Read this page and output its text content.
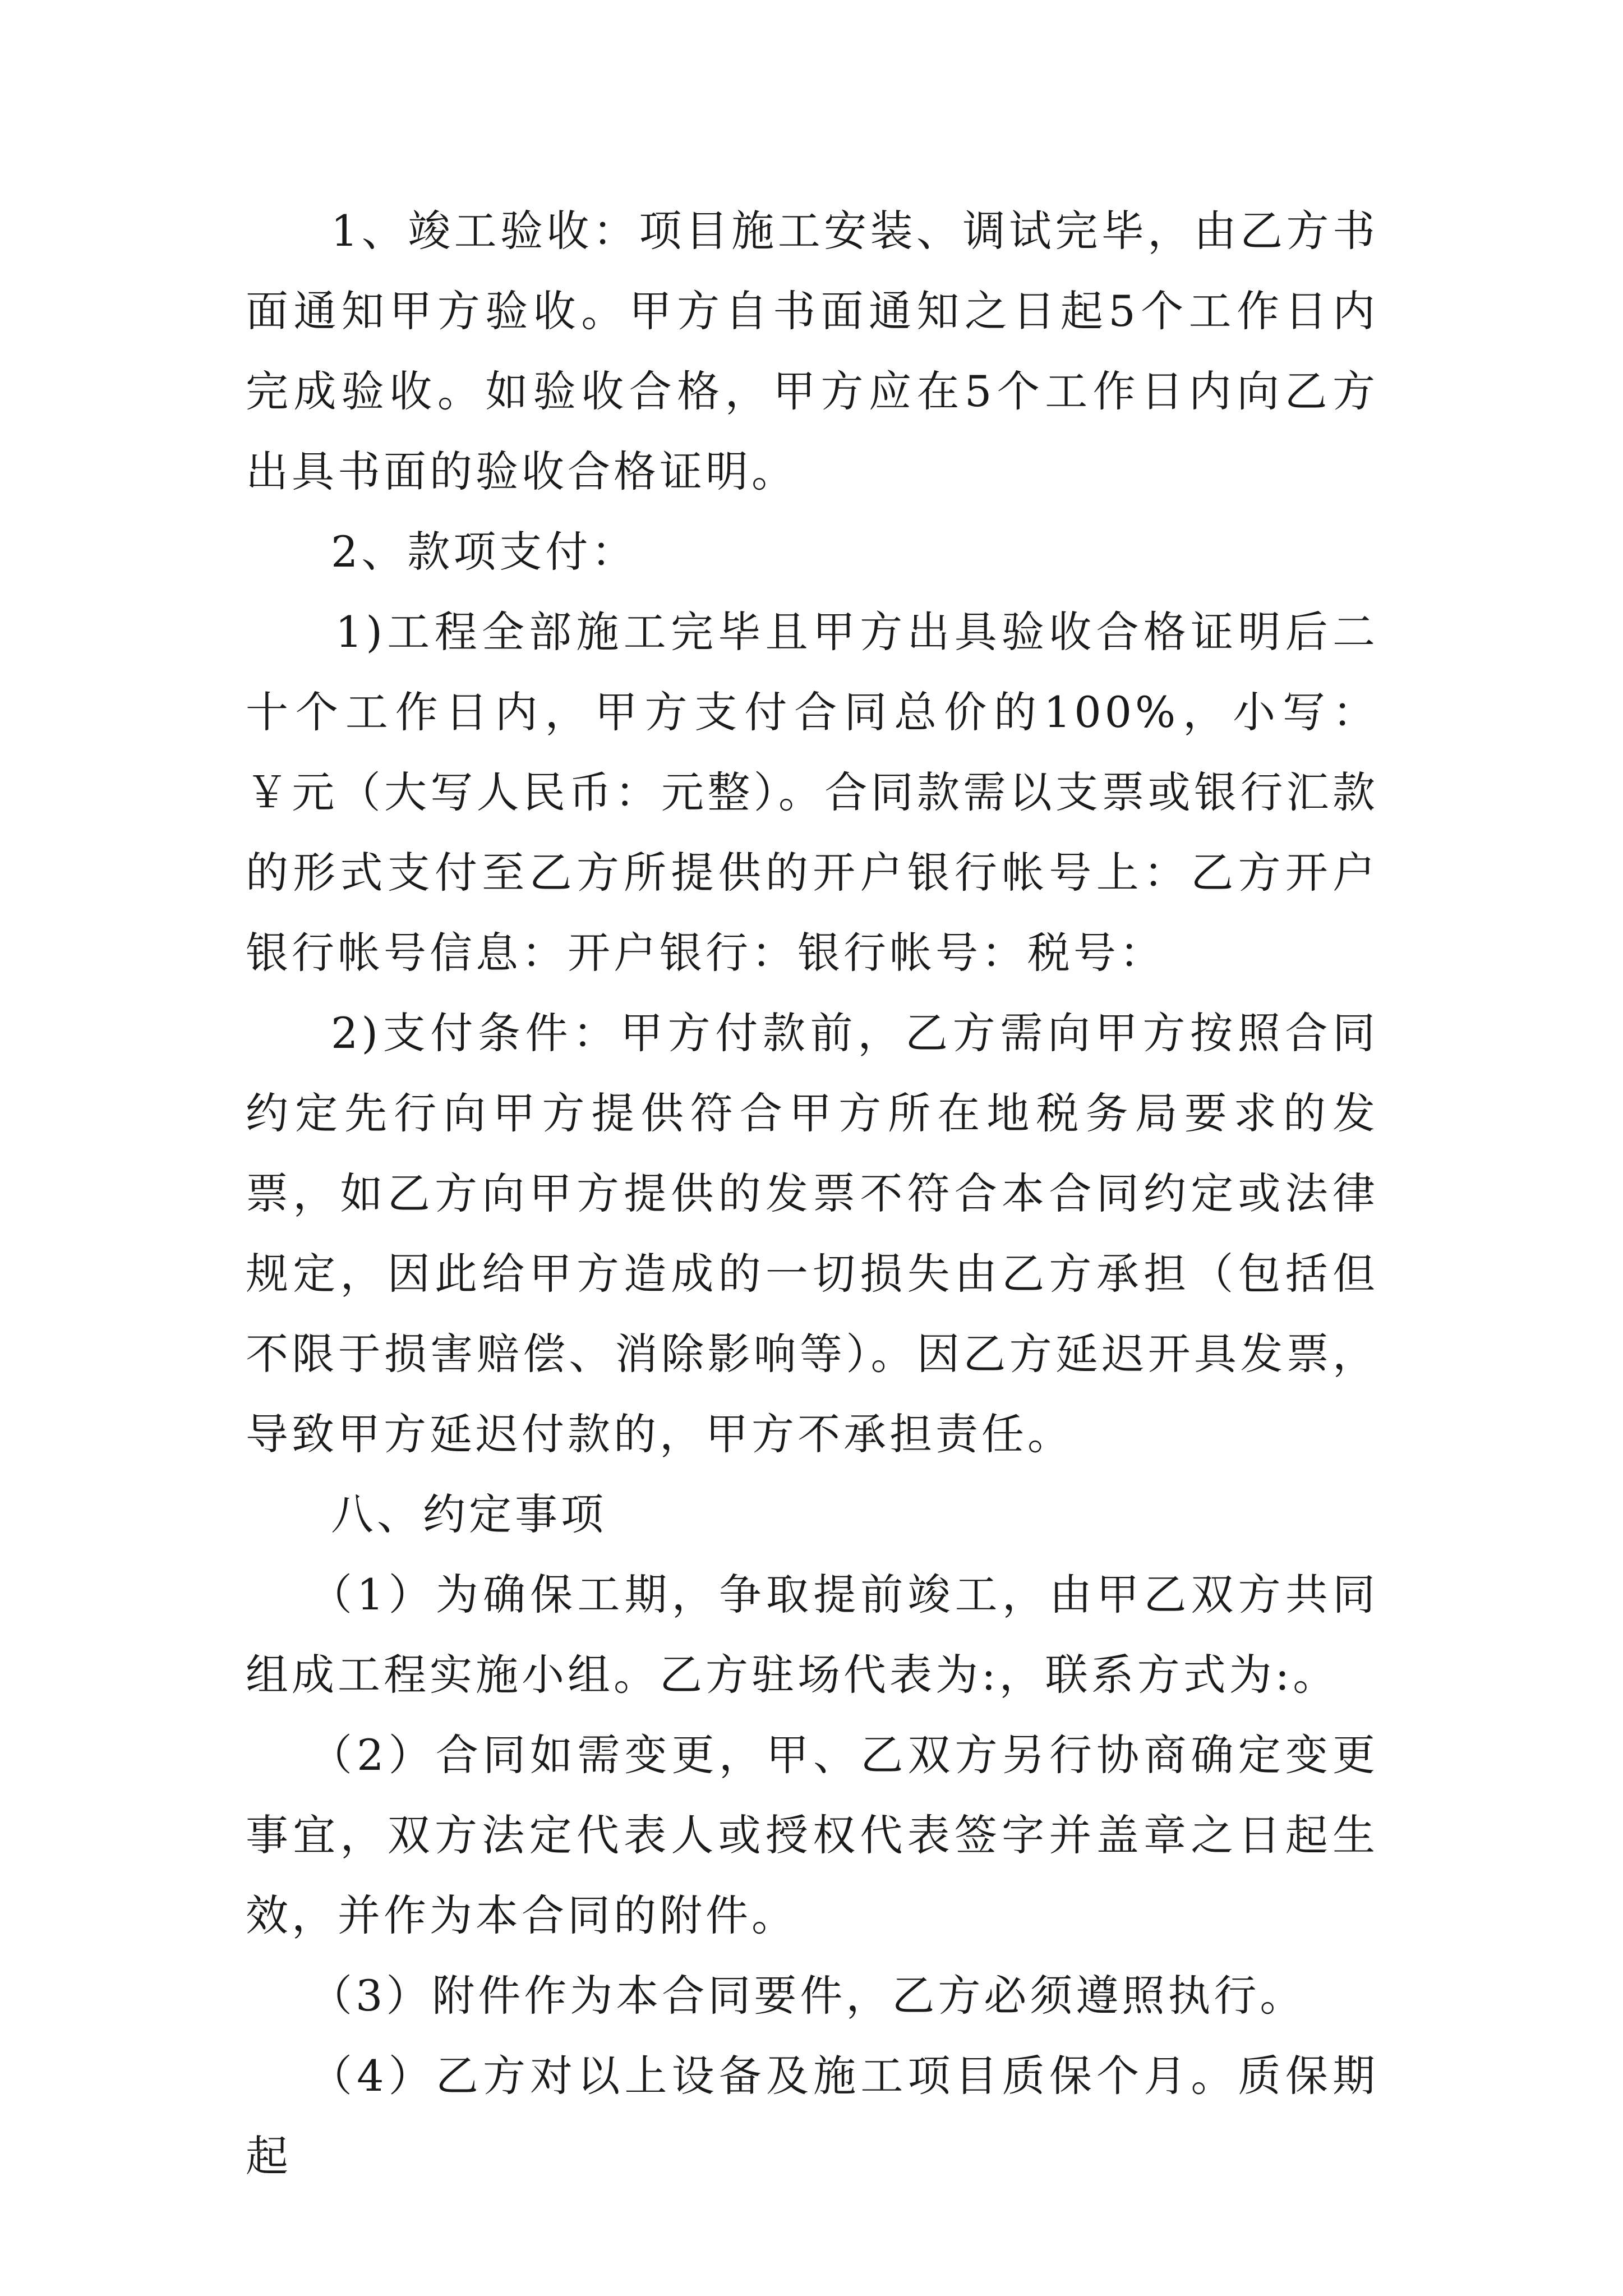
1、竣工验收：项目施工安装、调试完毕，由乙方书面通知甲方验收。甲方自书面通知之日起5个工作日内完成验收。如验收合格，甲方应在5个工作日内向乙方出具书面的验收合格证明。

2、款项支付：

1)工程全部施工完毕且甲方出具验收合格证明后二十个工作日内，甲方支付合同总价的100%，小写：￥元（大写人民币：元整）。合同款需以支票或银行汇款的形式支付至乙方所提供的开户银行帐号上：乙方开户银行帐号信息：开户银行：银行帐号：税号：

2)支付条件：甲方付款前，乙方需向甲方按照合同约定先行向甲方提供符合甲方所在地税务局要求的发票，如乙方向甲方提供的发票不符合本合同约定或法律规定，因此给甲方造成的一切损失由乙方承担（包括但不限于损害赔偿、消除影响等）。因乙方延迟开具发票，导致甲方延迟付款的，甲方不承担责任。

八、约定事项

（1）为确保工期，争取提前竣工，由甲乙双方共同组成工程实施小组。乙方驻场代表为:，联系方式为:。

（2）合同如需变更，甲、乙双方另行协商确定变更事宜，双方法定代表人或授权代表签字并盖章之日起生效，并作为本合同的附件。

（3）附件作为本合同要件，乙方必须遵照执行。

（4）乙方对以上设备及施工项目质保个月。质保期起
